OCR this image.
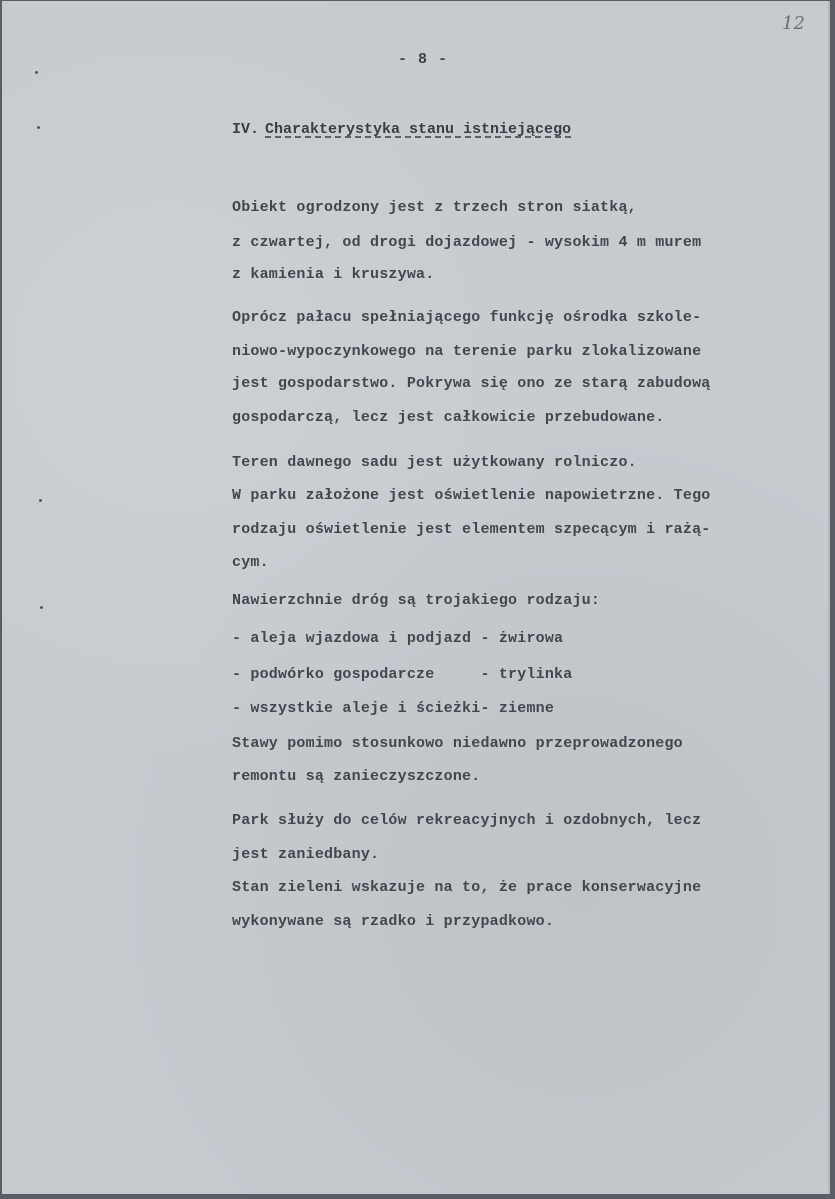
12
- 8 -
IV. Charakterystyka stanu istniejącego
Obiekt ogrodzony jest z trzech stron siatką,
z czwartej, od drogi dojazdowej - wysokim 4 m murem
z kamienia i kruszywa.
Oprócz pałacu spełniającego funkcję ośrodka szkole-
niowo-wypoczynkowego na terenie parku zlokalizowane
jest gospodarstwo. Pokrywa się ono ze starą zabudową
gospodarczą, lecz jest całkowicie przebudowane.
Teren dawnego sadu jest użytkowany rolniczo.
W parku założone jest oświetlenie napowietrzne. Tego
rodzaju oświetlenie jest elementem szpecącym i rażą-
cym.
Nawierzchnie dróg są trojakiego rodzaju:
- aleja wjazdowa i podjazd - żwirowa
- podwórko gospodarcze     - trylinka
- wszystkie aleje i ścieżki- ziemne
Stawy pomimo stosunkowo niedawno przeprowadzonego
remontu są zanieczyszczone.
Park służy do celów rekreacyjnych i ozdobnych, lecz
jest zaniedbany.
Stan zieleni wskazuje na to, że prace konserwacyjne
wykonywane są rzadko i przypadkowo.
